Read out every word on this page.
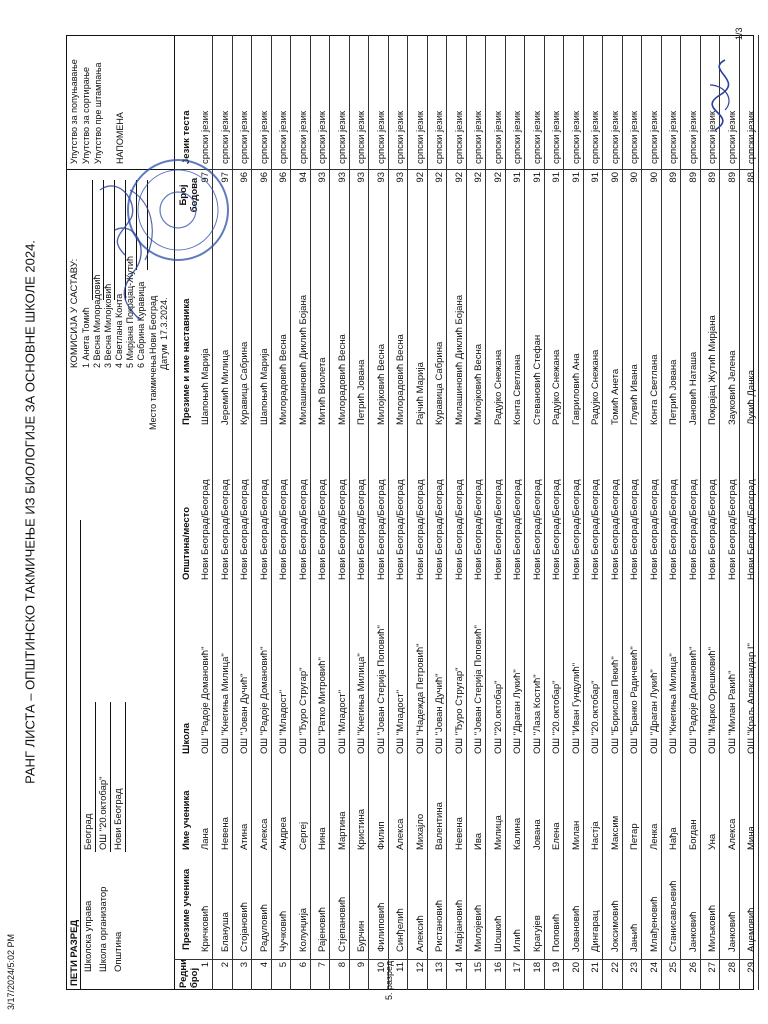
РАНГ ЛИСТА – ОПШТИНСКО ТАКМИЧЕЊЕ ИЗ БИОЛОГИЈЕ ЗА ОСНОВНЕ ШКОЛЕ 2024.
ПЕТИ РАЗРЕД Школска управа
Београд
Школа организатор
ОШ "20.октобар"
Општина
Нови Београд
КОМИСИЈА У САСТАВУ: 1 Анета Томић 2 Весна Милорадовић 3 Весна Милојковић 4 Светлана Конта 5 Мирјана Покрајац-Жутић 6 Сабрина Куравица
Место такмичења
Нови Београд
Датум
17.3.2024.
Упутство за попуњавање Упутство за сортирање Упутство пре штампања НАПОМЕНА
Редни број
Презиме ученика
Име ученика
Школа
Општина/место
Презиме и име наставника
Број бодова
Језик теста
1
Кричковић
Лана
ОШ "Радоје Домановић"
Нови Београд/Београд
Шапоњић Марија
97
српски језик
2
Блануша
Невена
ОШ "Кнегиња Милица"
Нови Београд/Београд
Јеремић Милица
97
српски језик
3
Стојановић
Атина
ОШ "Јован Дучић"
Нови Београд/Београд
Куравица Сабрина
96
српски језик
4
Радуловић
Алекса
ОШ "Радоје Домановић"
Нови Београд/Београд
Шапоњић Марија
96
српски језик
5
Чучковић
Андреа
ОШ "Младост"
Нови Београд/Београд
Милорадовић Весна
96
српски језик
6
Колунџија
Сергеј
ОШ "Ђуро Стругар"
Нови Београд/Београд
Милашиновић Диклић Бојана
94
српски језик
7
Рајеновић
Нина
ОШ "Ратко Митровић"
Нови Београд/Београд
Митић Виолета
93
српски језик
8
Стјепановић
Мартина
ОШ "Младост"
Нови Београд/Београд
Милорадовић Весна
93
српски језик
9
Бурчин
Кристина
ОШ "Кнегиња Милица"
Нови Београд/Београд
Петрић Јована
93
српски језик
10
Филиповић
Филип
ОШ "Јован Стерија Поповић"
Нови Београд/Београд
Милојковић Весна
93
српски језик
11
Синђелић
Алекса
ОШ "Младост"
Нови Београд/Београд
Милорадовић Весна
93
српски језик
12
Алексић
Михајло
ОШ "Надежда Петровић"
Нови Београд/Београд
Рајчић Марија
92
српски језик
13
Ристановић
Валентина
ОШ "Јован Дучић"
Нови Београд/Београд
Куравица Сабрина
92
српски језик
14
Марјановић
Невена
ОШ "Ђуро Стругар"
Нови Београд/Београд
Милашиновић Диклић Бојана
92
српски језик
15
Милојевић
Ива
ОШ "Јован Стерија Поповић"
Нови Београд/Београд
Милојковић Весна
92
српски језик
16
Шошкић
Милица
ОШ "20.октобар"
Нови Београд/Београд
Радујко Снежана
92
српски језик
17
Илић
Калина
ОШ "Драган Лукић"
Нови Београд/Београд
Конта Светлана
91
српски језик
18
Крагујев
Јована
ОШ "Лаза Костић"
Нови Београд/Београд
Стевановић Стефан
91
српски језик
19
Поповић
Елена
ОШ "20.октобар"
Нови Београд/Београд
Радујко Снежана
91
српски језик
20
Јовановић
Милан
ОШ "Иван Гундулић"
Нови Београд/Београд
Гавриловић Ана
91
српски језик
21
Дингарац
Настја
ОШ "20.октобар"
Нови Београд/Београд
Радујко Снежана
91
српски језик
22
Јоксимовић
Максим
ОШ "Борислав Пекић"
Нови Београд/Београд
Томић Анета
90
српски језик
23
Јањић
Петар
ОШ "Бранко Радичевић"
Нови Београд/Београд
Глувић Ивана
90
српски језик
24
Млађеновић
Ленка
ОШ "Драган Лукић"
Нови Београд/Београд
Конта Светлана
90
српски језик
25
Станисављевић
Нађа
ОШ "Кнегиња Милица"
Нови Београд/Београд
Петрић Јована
89
српски језик
26
Јанковић
Богдан
ОШ "Радоје Домановић"
Нови Београд/Београд
Јановић Наташа
89
српски језик
27
Миљковић
Уна
ОШ "Марко Орешковић"
Нови Београд/Београд
Покрајац Жутић Мирјана
89
српски језик
28
Јанковић
Алекса
ОШ "Милан Ракић"
Нови Београд/Београд
Зауковић Јелена
89
српски језик
29
Ацемовић
Мина
ОШ "Краљ Александар I"
Нови Београд/Београд
Лукић Данка
88
српски језик
3/17/2024/5:02 PM	5. разред
1/3
